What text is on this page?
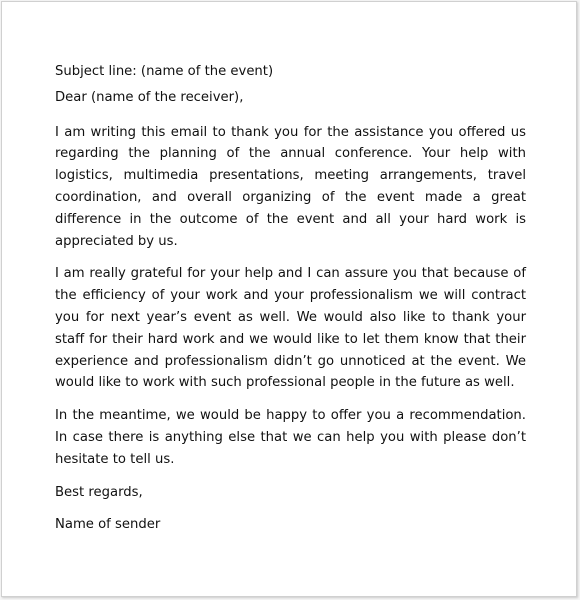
Subject line: (name of the event)

Dear (name of the receiver),

I am writing this email to thank you for the assistance you offered us regarding the planning of the annual conference. Your help with logistics, multimedia presentations, meeting arrangements, travel coordination, and overall organizing of the event made a great difference in the outcome of the event and all your hard work is appreciated by us.

I am really grateful for your help and I can assure you that because of the efficiency of your work and your professionalism we will contract you for next year’s event as well. We would also like to thank your staff for their hard work and we would like to let them know that their experience and professionalism didn’t go unnoticed at the event. We would like to work with such professional people in the future as well.

In the meantime, we would be happy to offer you a recommendation. In case there is anything else that we can help you with please don’t hesitate to tell us.

Best regards,

Name of sender
